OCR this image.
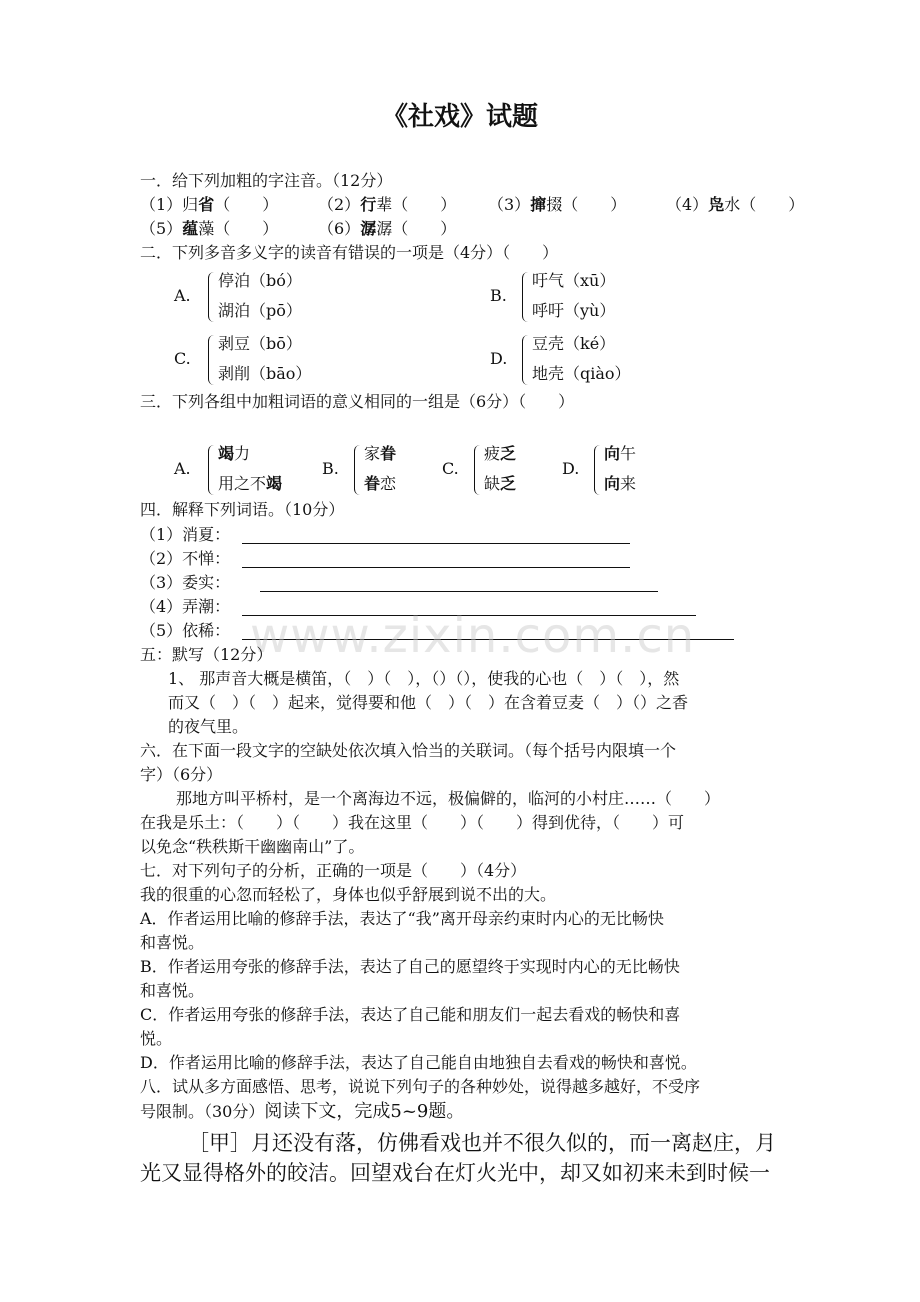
《社戏》试题
一．给下列加粗的字注音。（12分）
（1）归省（　　） （2）行辈（　　） （3）撺掇（　　） （4）凫水（　　）
（5）蕴藻（　　） （6）潺潺（　　）
二．下列多音多义字的读音有错误的一项是（4分）（　　）
A.
停泊（bó）
湖泊（pō）
B.
吁气（xū）
呼吁（yù）
C.
剥豆（bō）
剥削（bāo）
D.
豆壳（ké）
地壳（qiào）
三．下列各组中加粗词语的意义相同的一组是（6分）（　　）
A.
竭力
用之不竭
B.
家眷
眷恋
C.
疲乏
缺乏
D.
向午
向来
四．解释下列词语。（10分）
（1）消夏：
（2）不惮：
（3）委实：
（4）弄潮：
（5）依稀： www.zixin.com.cn
五：默写（12分）
1、 那声音大概是横笛，（　）（　），（）（），使我的心也（　）（　），然
而又（　）（　）起来，觉得要和他（　）（　）在含着豆麦（　）（）之香
的夜气里。
六．在下面一段文字的空缺处依次填入恰当的关联词。（每个括号内限填一个
字）（6分）
那地方叫平桥村，是一个离海边不远，极偏僻的，临河的小村庄……（　　）
在我是乐土：（　　）（　　）我在这里（　　）（　　）得到优待，（　　）可
以免念“秩秩斯干幽幽南山”了。
七．对下列句子的分析，正确的一项是（　　）（4分）
我的很重的心忽而轻松了，身体也似乎舒展到说不出的大。
A．作者运用比喻的修辞手法，表达了“我”离开母亲约束时内心的无比畅快
和喜悦。
B．作者运用夸张的修辞手法，表达了自己的愿望终于实现时内心的无比畅快
和喜悦。
C．作者运用夸张的修辞手法，表达了自己能和朋友们一起去看戏的畅快和喜
悦。
D．作者运用比喻的修辞手法，表达了自己能自由地独自去看戏的畅快和喜悦。
八．试从多方面感悟、思考，说说下列句子的各种妙处，说得越多越好，不受序
号限制。（30分）阅读下文，完成5~9题。
［甲］月还没有落，仿佛看戏也并不很久似的，而一离赵庄，月
光又显得格外的皎洁。回望戏台在灯火光中，却又如初来未到时候一
